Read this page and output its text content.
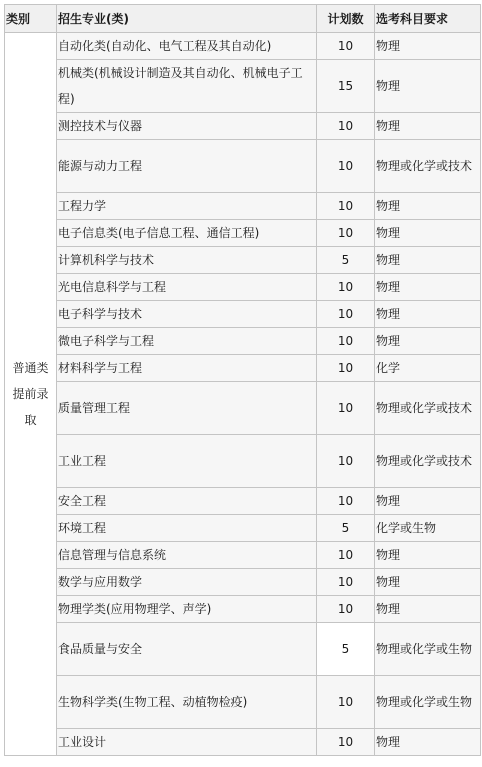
类别	招生专业(类)	计划数	选考科目要求
普通类提前录取	自动化类(自动化、电气工程及其自动化)	10	物理
	机械类(机械设计制造及其自动化、机械电子工程)	15	物理
	测控技术与仪器	10	物理
	能源与动力工程	10	物理或化学或技术
	工程力学	10	物理
	电子信息类(电子信息工程、通信工程)	10	物理
	计算机科学与技术	5	物理
	光电信息科学与工程	10	物理
	电子科学与技术	10	物理
	微电子科学与工程	10	物理
	材料科学与工程	10	化学
	质量管理工程	10	物理或化学或技术
	工业工程	10	物理或化学或技术
	安全工程	10	物理
	环境工程	5	化学或生物
	信息管理与信息系统	10	物理
	数学与应用数学	10	物理
	物理学类(应用物理学、声学)	10	物理
	食品质量与安全	5	物理或化学或生物
	生物科学类(生物工程、动植物检疫)	10	物理或化学或生物
	工业设计	10	物理
